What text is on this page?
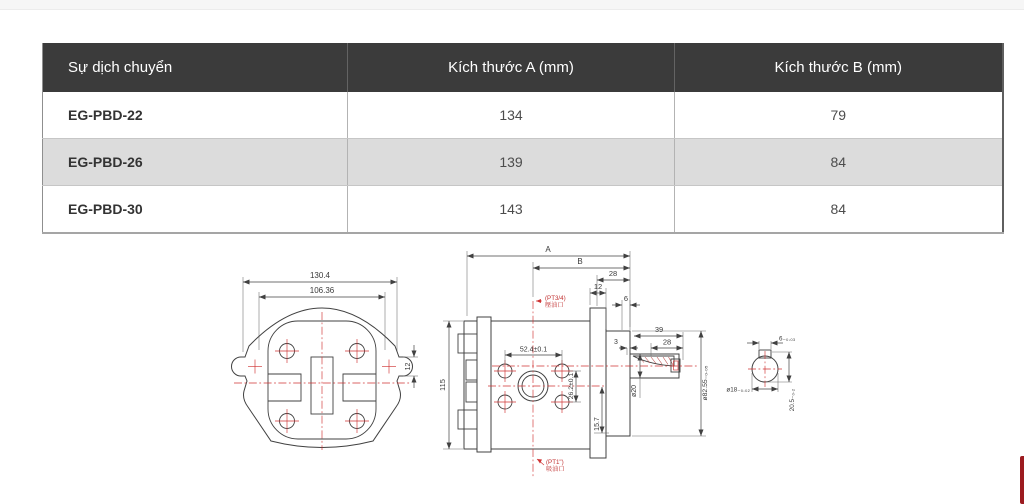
Sự dịch chuyển	Kích thước A (mm)	Kích thước B (mm)
EG-PBD-22	134	79
EG-PBD-26	139	84
EG-PBD-30	143	84
130.4
106.36
12
A
B
28
12
6
115
52.4±0.1
26.2±0.1
15.7
3
39
28
ø20	ø82.55₋₀.₀₅
(PT3/4)
壓油口
(PT1")
吸油口
6₋₀.₀₃
ø18₋₀.₀₂	20.5₋₀.₂
